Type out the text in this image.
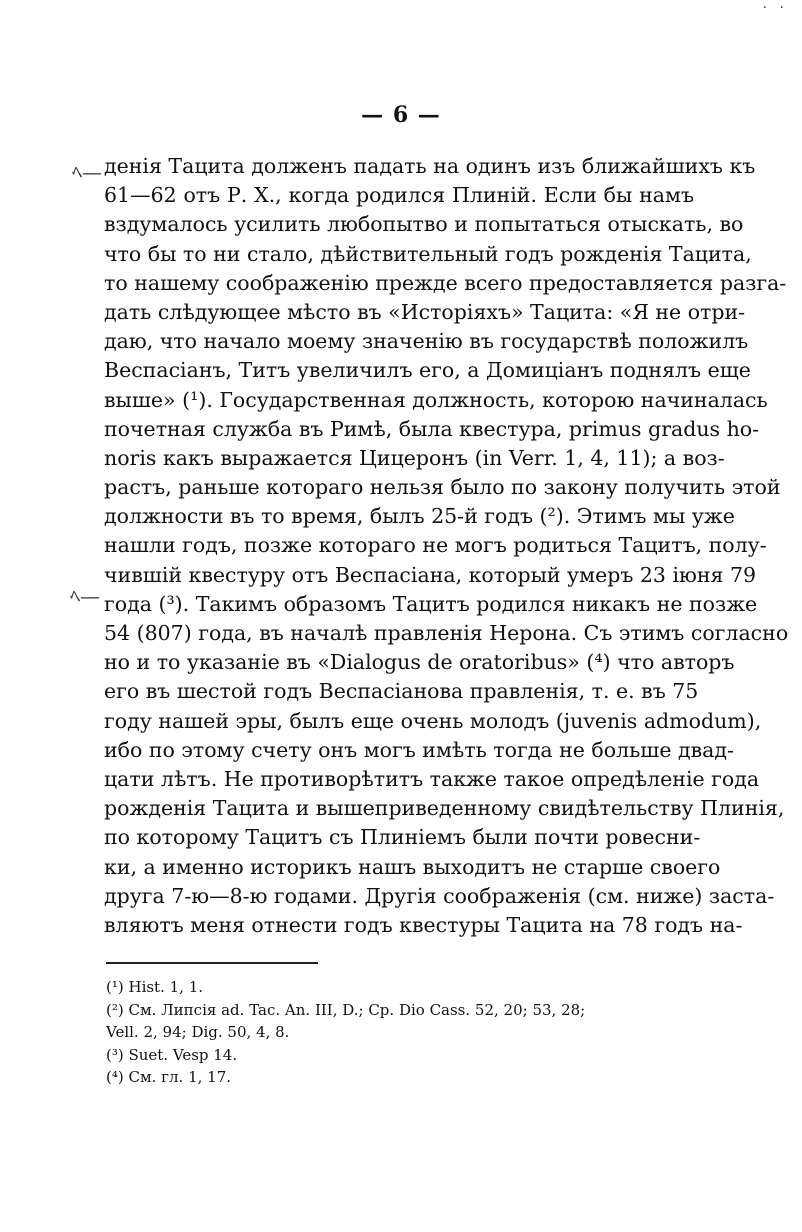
· ·
— 6 —
ﾍ—
ﾍ—
денія Тацита долженъ падать на одинъ изъ ближайшихъ къ
61—62 отъ Р. Х., когда родился Плиній. Если бы намъ
вздумалось усилить любопытво и попытаться отыскать, во
что бы то ни стало, дѣйствительный годъ рожденія Тацита,
то нашему соображенію прежде всего предоставляется разга-
дать слѣдующее мѣсто въ «Исторіяхъ» Тацита: «Я не отри-
даю, что начало моему значенію въ государствѣ положилъ
Веспасіанъ, Титъ увеличилъ его, а Домиціанъ поднялъ еще
выше» (¹). Государственная должность, которою начиналась
почетная служба въ Римѣ, была квестура, primus gradus ho-
noris какъ выражается Цицеронъ (in Verr. 1, 4, 11); а воз-
растъ, раньше котораго нельзя было по закону получить этой
должности въ то время, былъ 25-й годъ (²). Этимъ мы уже
нашли годъ, позже котораго не могъ родиться Тацитъ, полу-
чившій квестуру отъ Веспасіана, который умеръ 23 іюня 79
года (³). Такимъ образомъ Тацитъ родился никакъ не позже
54 (807) года, въ началѣ правленія Нерона. Съ этимъ согласно
но и то указаніе въ «Dialogus de oratoribus» (⁴) что авторъ
его въ шестой годъ Веспасіанова правленія, т. е. въ 75
году нашей эры, былъ еще очень молодъ (juvenis admodum),
ибо по этому счету онъ могъ имѣть тогда не больше двад-
цати лѣтъ. Не противорѣтитъ также такое опредѣленіе года
рожденія Тацита и вышеприведенному свидѣтельству Плинія,
по которому Тацитъ съ Плиніемъ были почти ровесни-
ки, а именно историкъ нашъ выходитъ не старше своего
друга 7-ю—8-ю годами. Другія соображенія (см. ниже) заста-
вляютъ меня отнести годъ квестуры Тацита на 78 годъ на-
(¹) Hist. 1, 1.
(²) См. Липсія ad. Tac. An. III, D.; Cp. Dio Cass. 52, 20; 53, 28;
Vell. 2, 94; Dig. 50, 4, 8.
(³) Suet. Vesp 14.
(⁴) См. гл. 1, 17.
